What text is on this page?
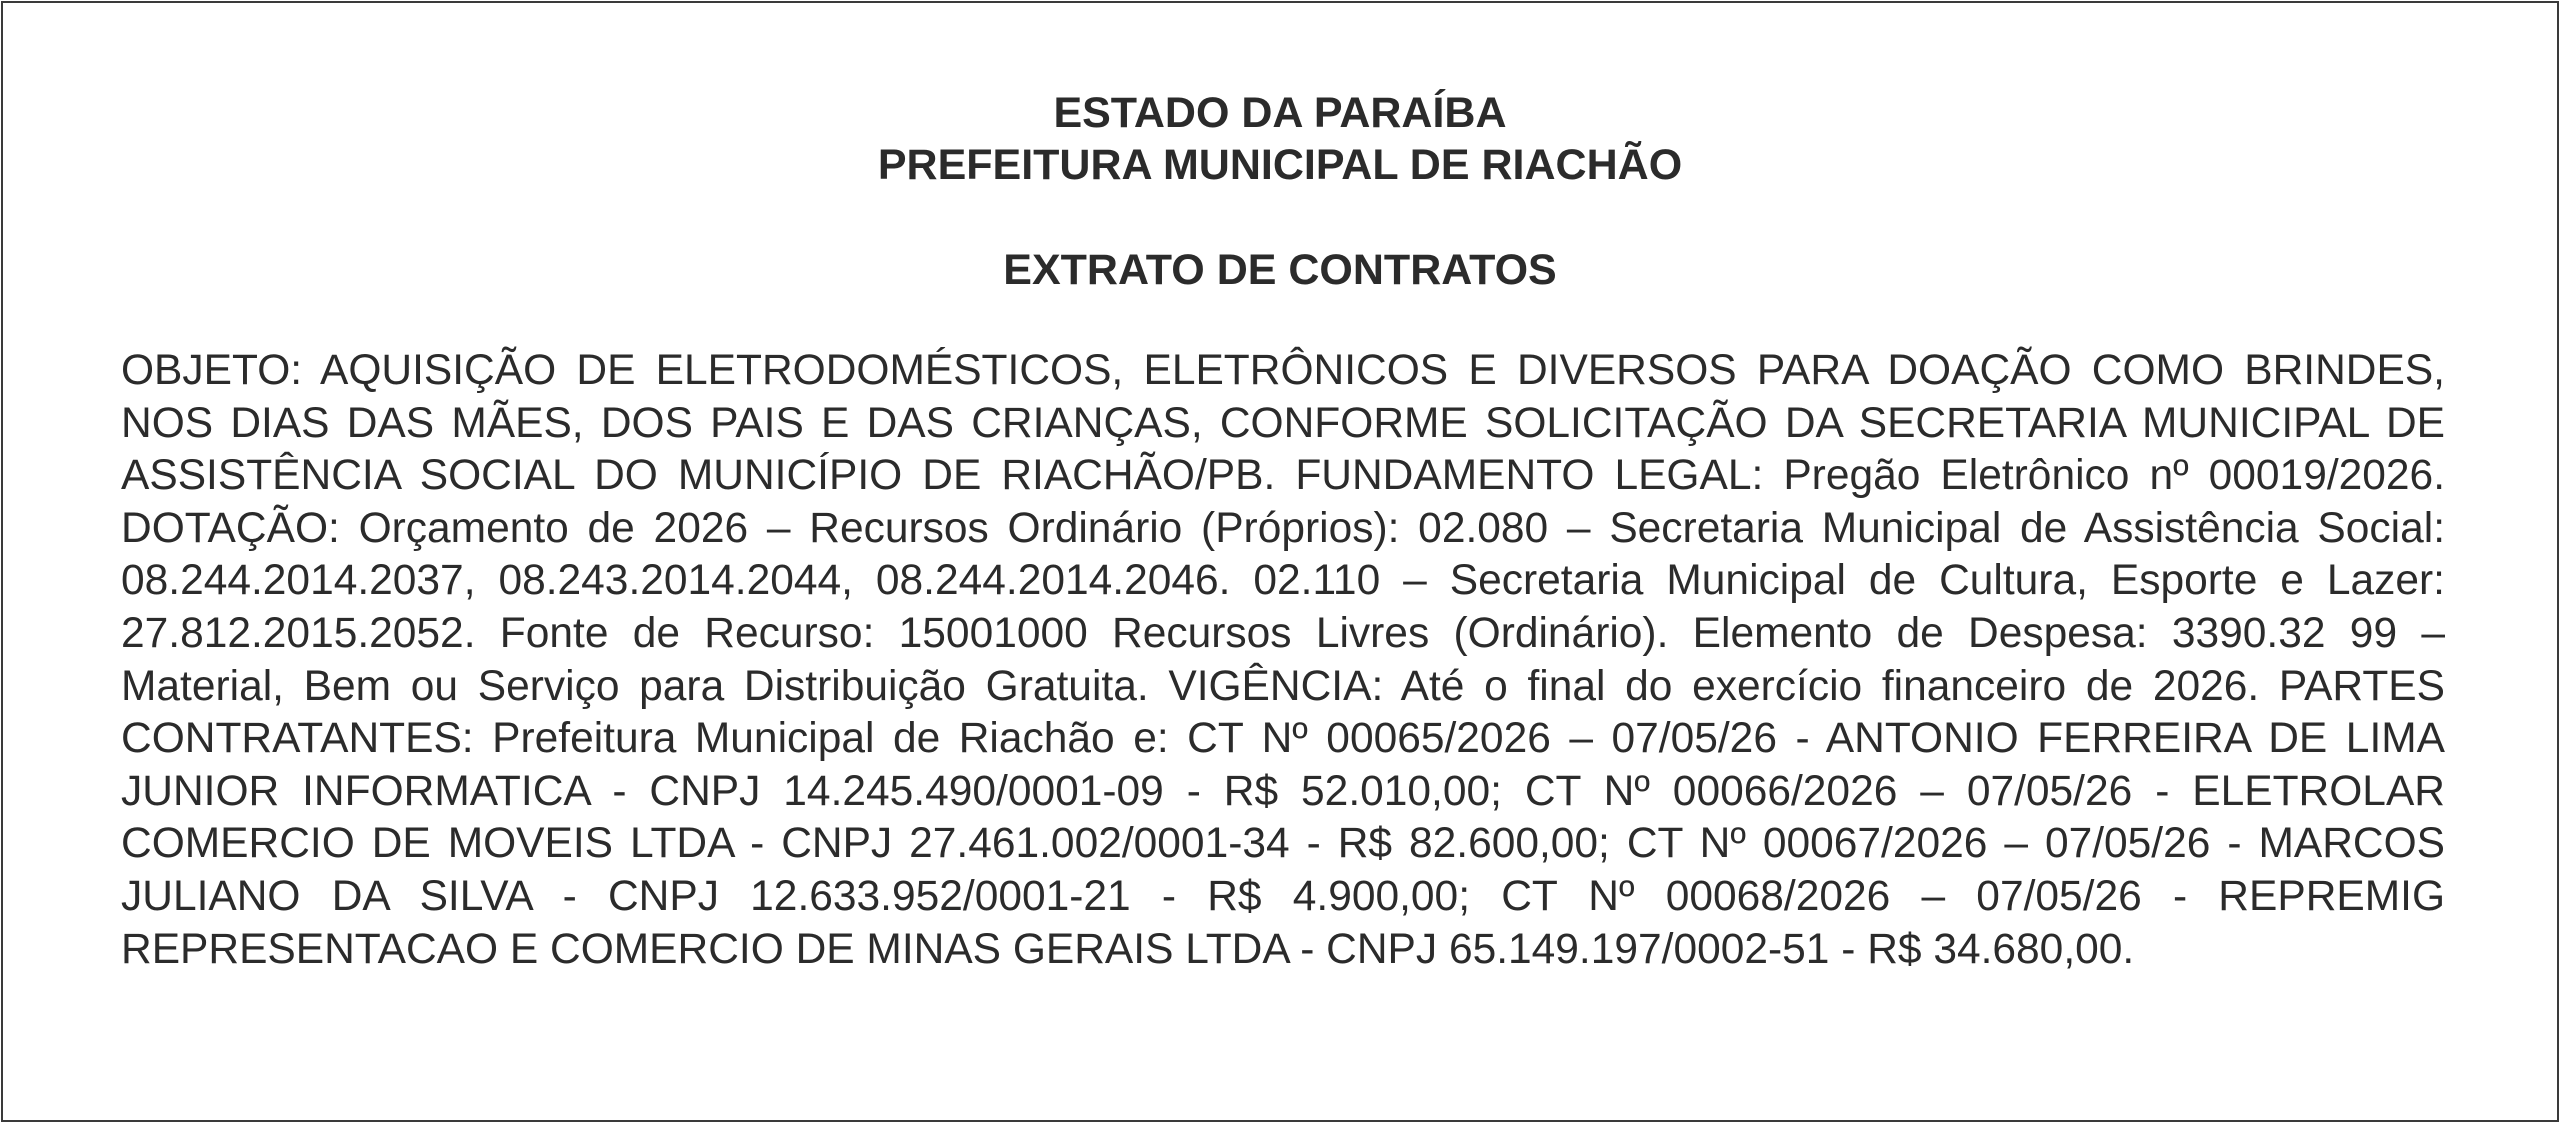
ESTADO DA PARAÍBA
PREFEITURA MUNICIPAL DE RIACHÃO
EXTRATO DE CONTRATOS
OBJETO: AQUISIÇÃO DE ELETRODOMÉSTICOS, ELETRÔNICOS E DIVERSOS PARA DOAÇÃO COMO BRINDES, NOS DIAS DAS MÃES, DOS PAIS E DAS CRIANÇAS, CONFORME SOLICITAÇÃO DA SECRETARIA MUNICIPAL DE ASSISTÊNCIA SOCIAL DO MUNICÍPIO DE RIACHÃO/PB. FUNDAMENTO LEGAL: Pregão Eletrônico nº 00019/2026. DOTAÇÃO: Orçamento de 2026 – Recursos Ordinário (Próprios): 02.080 – Secretaria Municipal de Assistência Social: 08.244.2014.2037, 08.243.2014.2044, 08.244.2014.2046. 02.110 – Secretaria Municipal de Cultura, Esporte e Lazer: 27.812.2015.2052. Fonte de Recurso: 15001000 Recursos Livres (Ordinário). Elemento de Despesa: 3390.32 99 – Material, Bem ou Serviço para Distribuição Gratuita. VIGÊNCIA: Até o final do exercício financeiro de 2026. PARTES CONTRATANTES: Prefeitura Municipal de Riachão e: CT Nº 00065/2026 – 07/05/26 - ANTONIO FERREIRA DE LIMA JUNIOR INFORMATICA - CNPJ 14.245.490/0001-09 - R$ 52.010,00; CT Nº 00066/2026 – 07/05/26 - ELETROLAR COMERCIO DE MOVEIS LTDA - CNPJ 27.461.002/0001-34 - R$ 82.600,00; CT Nº 00067/2026 – 07/05/26 - MARCOS JULIANO DA SILVA - CNPJ 12.633.952/0001-21 - R$ 4.900,00; CT Nº 00068/2026 – 07/05/26 - REPREMIG REPRESENTACAO E COMERCIO DE MINAS GERAIS LTDA - CNPJ 65.149.197/0002-51 - R$ 34.680,00.
